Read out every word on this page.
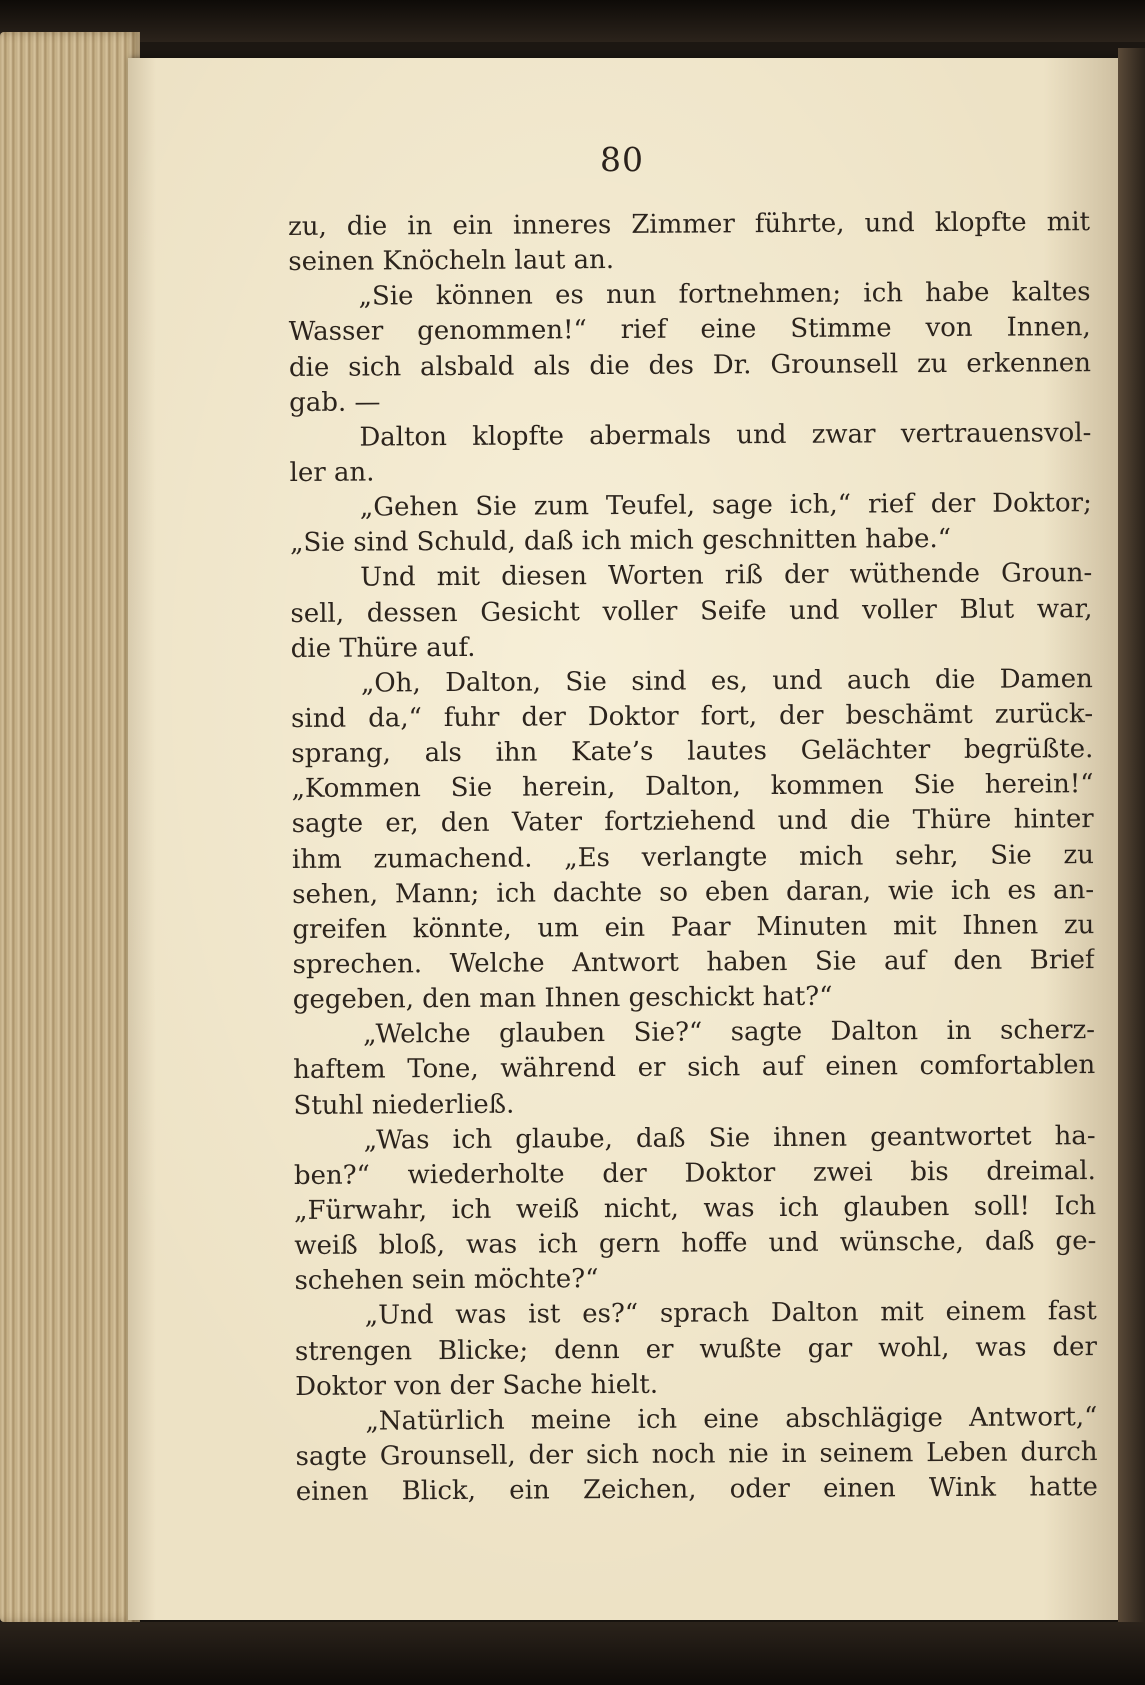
80
zu, die in ein inneres Zimmer führte, und klopfte mit
seinen Knöcheln laut an.
„Sie können es nun fortnehmen; ich habe kaltes
Wasser genommen!“ rief eine Stimme von Innen,
die sich alsbald als die des Dr. Grounsell zu erkennen
gab. —
Dalton klopfte abermals und zwar vertrauensvol-
ler an.
„Gehen Sie zum Teufel, sage ich,“ rief der Doktor;
„Sie sind Schuld, daß ich mich geschnitten habe.“
Und mit diesen Worten riß der wüthende Groun-
sell, dessen Gesicht voller Seife und voller Blut war,
die Thüre auf.
„Oh, Dalton, Sie sind es, und auch die Damen
sind da,“ fuhr der Doktor fort, der beschämt zurück-
sprang, als ihn Kate’s lautes Gelächter begrüßte.
„Kommen Sie herein, Dalton, kommen Sie herein!“
sagte er, den Vater fortziehend und die Thüre hinter
ihm zumachend. „Es verlangte mich sehr, Sie zu
sehen, Mann; ich dachte so eben daran, wie ich es an-
greifen könnte, um ein Paar Minuten mit Ihnen zu
sprechen. Welche Antwort haben Sie auf den Brief
gegeben, den man Ihnen geschickt hat?“
„Welche glauben Sie?“ sagte Dalton in scherz-
haftem Tone, während er sich auf einen comfortablen
Stuhl niederließ.
„Was ich glaube, daß Sie ihnen geantwortet ha-
ben?“ wiederholte der Doktor zwei bis dreimal.
„Fürwahr, ich weiß nicht, was ich glauben soll! Ich
weiß bloß, was ich gern hoffe und wünsche, daß ge-
schehen sein möchte?“
„Und was ist es?“ sprach Dalton mit einem fast
strengen Blicke; denn er wußte gar wohl, was der
Doktor von der Sache hielt.
„Natürlich meine ich eine abschlägige Antwort,“
sagte Grounsell, der sich noch nie in seinem Leben durch
einen Blick, ein Zeichen, oder einen Wink hatte
